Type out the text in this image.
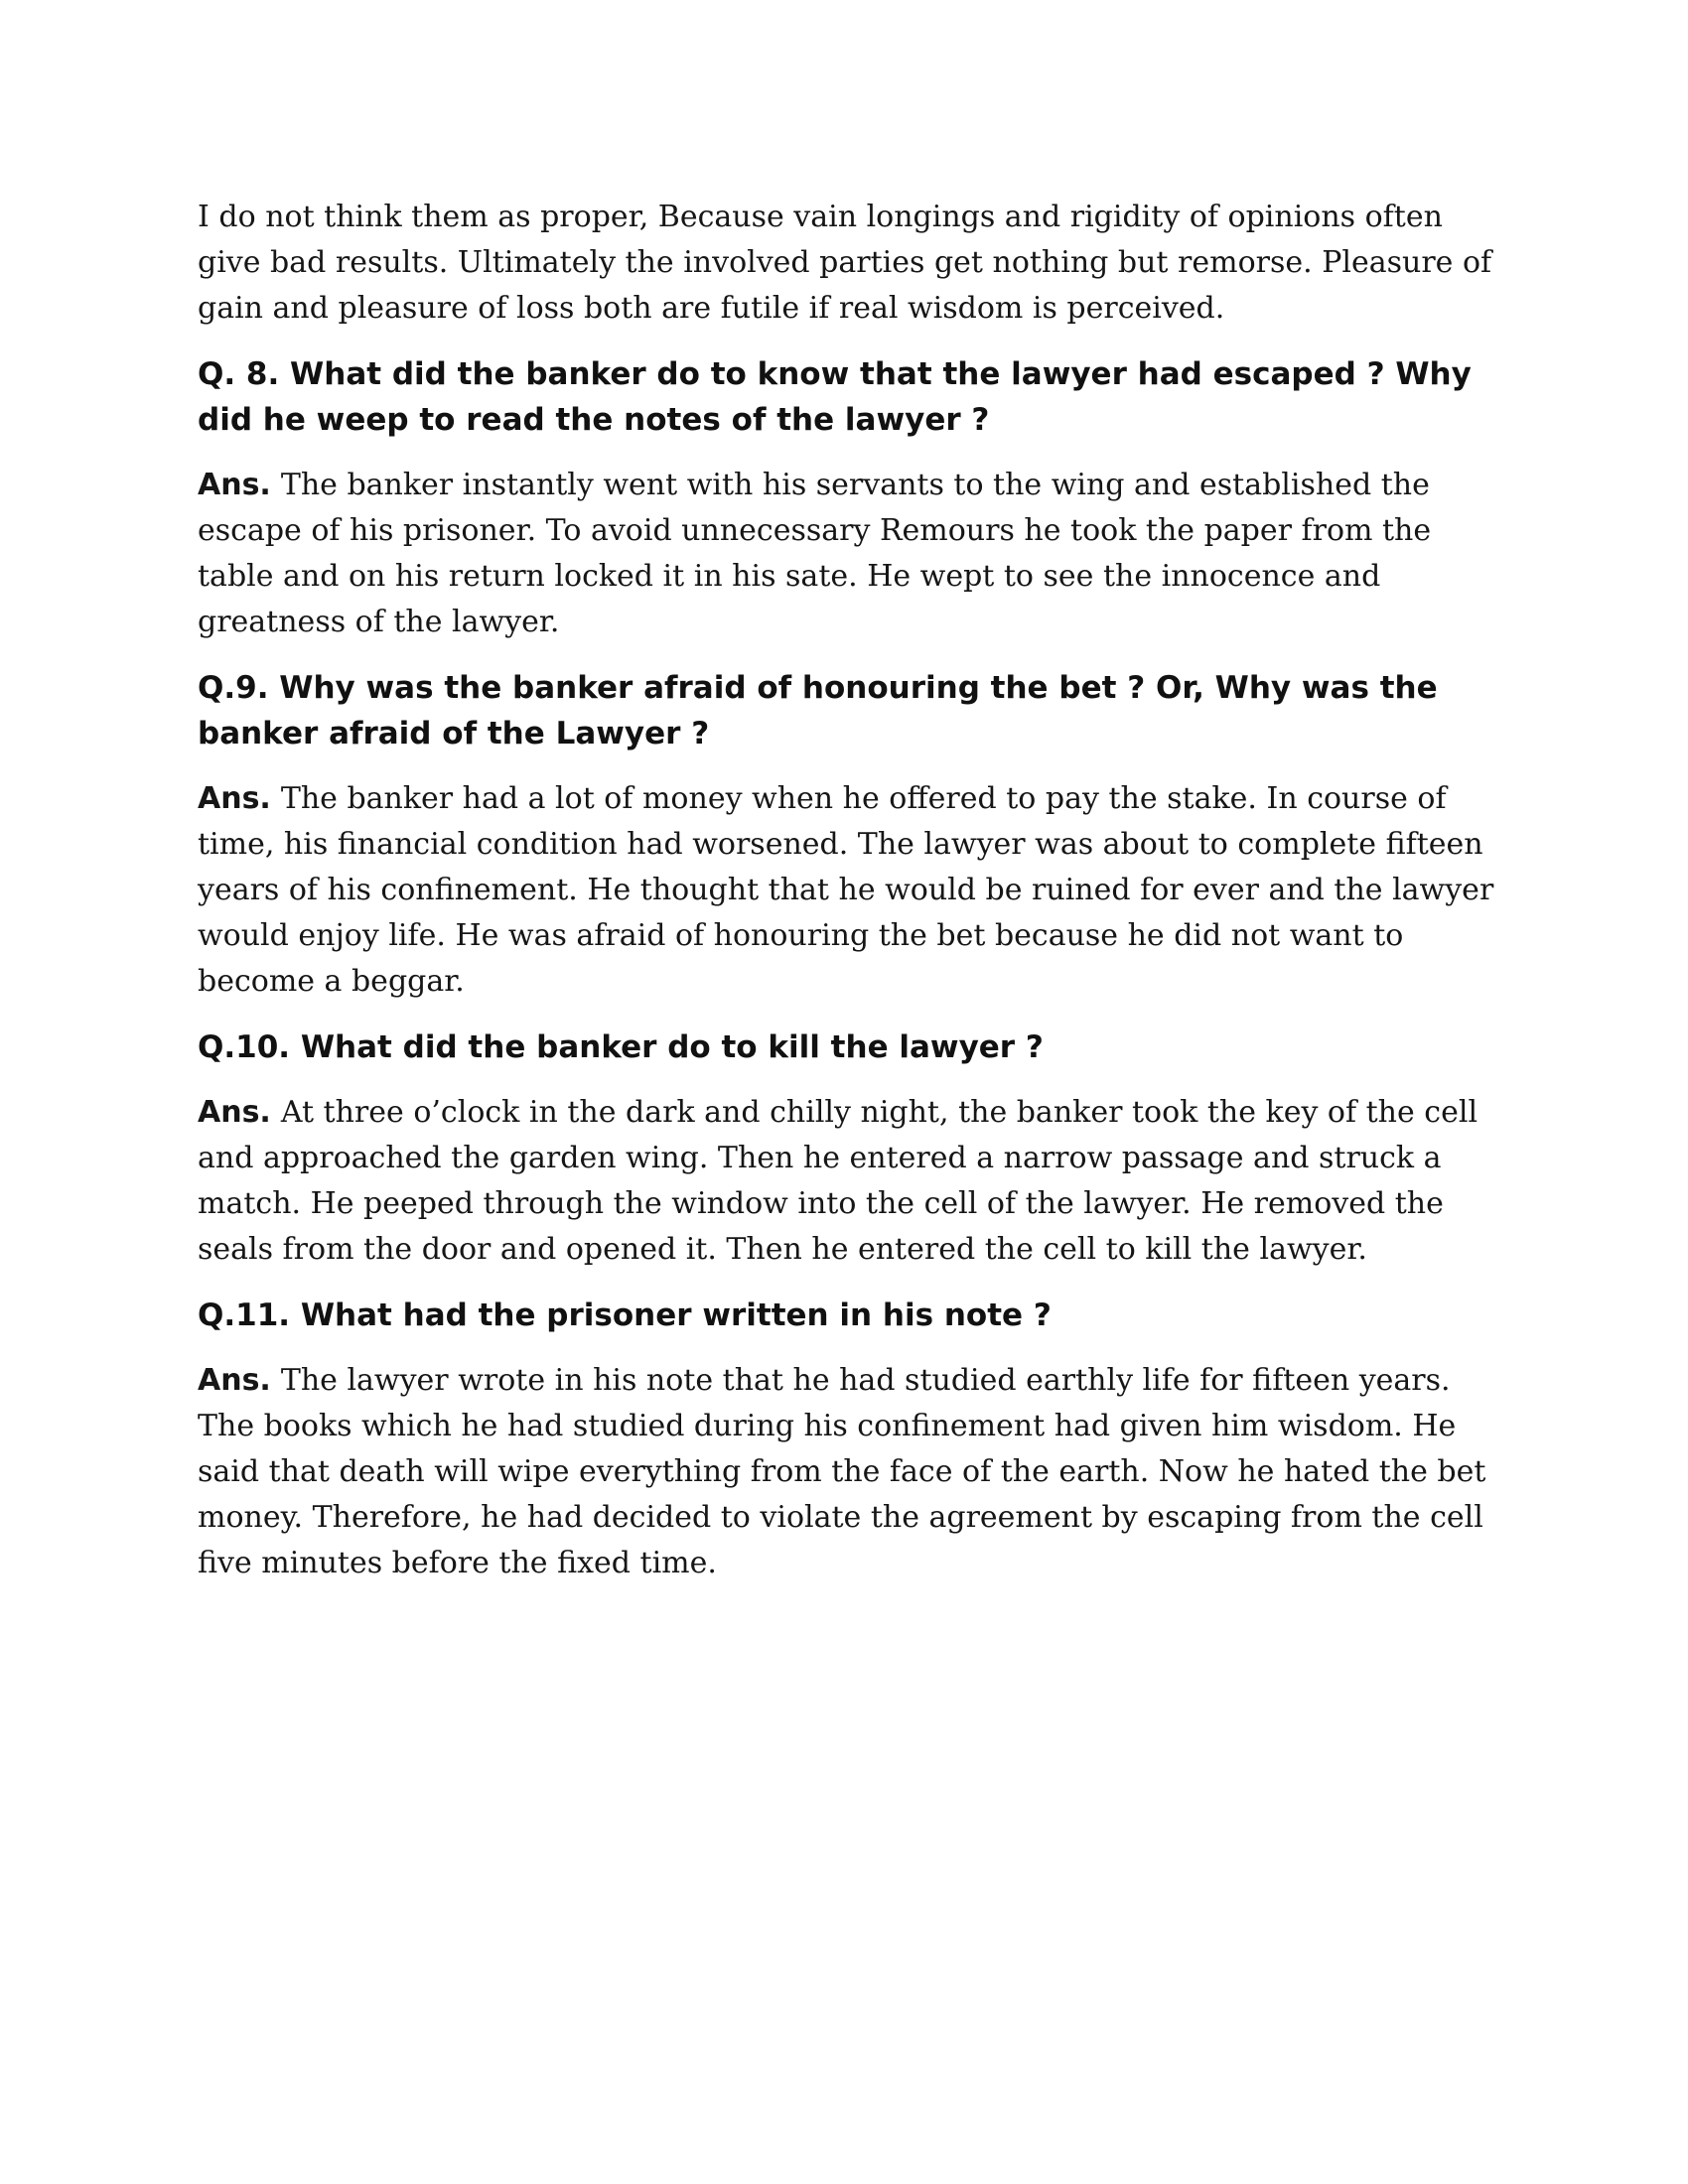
I do not think them as proper, Because vain longings and rigidity of opinions often give bad results. Ultimately the involved parties get nothing but remorse. Pleasure of gain and pleasure of loss both are futile if real wisdom is perceived.

Q. 8. What did the banker do to know that the lawyer had escaped ? Why did he weep to read the notes of the lawyer ?

Ans. The banker instantly went with his servants to the wing and established the escape of his prisoner. To avoid unnecessary Remours he took the paper from the table and on his return locked it in his sate. He wept to see the innocence and greatness of the lawyer.

Q.9. Why was the banker afraid of honouring the bet ? Or, Why was the banker afraid of the Lawyer ?

Ans. The banker had a lot of money when he offered to pay the stake. In course of time, his financial condition had worsened. The lawyer was about to complete fifteen years of his confinement. He thought that he would be ruined for ever and the lawyer would enjoy life. He was afraid of honouring the bet because he did not want to become a beggar.

Q.10. What did the banker do to kill the lawyer ?

Ans. At three o’clock in the dark and chilly night, the banker took the key of the cell and approached the garden wing. Then he entered a narrow passage and struck a match. He peeped through the window into the cell of the lawyer. He removed the seals from the door and opened it. Then he entered the cell to kill the lawyer.

Q.11. What had the prisoner written in his note ?

Ans. The lawyer wrote in his note that he had studied earthly life for fifteen years. The books which he had studied during his confinement had given him wisdom. He said that death will wipe everything from the face of the earth. Now he hated the bet money. Therefore, he had decided to violate the agreement by escaping from the cell five minutes before the fixed time.
